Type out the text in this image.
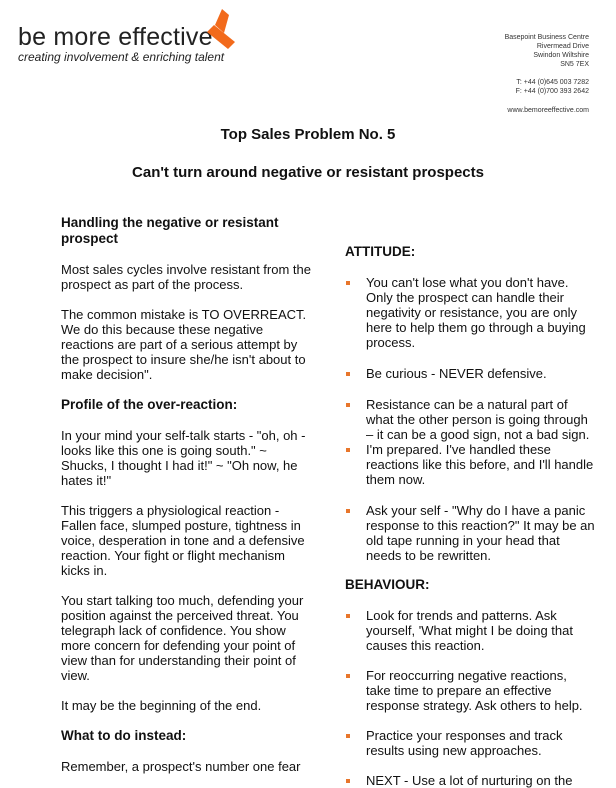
be more effective
creating involvement & enriching talent
Basepoint Business Centre
Rivermead Drive
Swindon Wiltshire
SN5 7EX
T: +44 (0)645 003 7282
F: +44 (0)700 393 2642
www.bemoreeffective.com
Top Sales Problem No. 5
Can't turn around negative or resistant prospects
Handling the negative or resistant prospect

Most sales cycles involve resistant from the prospect as part of the process.

The common mistake is TO OVERREACT. We do this because these negative reactions are part of a serious attempt by the prospect to insure she/he isn't about to make decision".

Profile of the over-reaction:

In your mind your self-talk starts - "oh, oh - looks like this one is going south." ~ Shucks, I thought I had it!" ~ "Oh now, he hates it!"

This triggers a physiological reaction - Fallen face, slumped posture, tightness in voice, desperation in tone and a defensive reaction. Your fight or flight mechanism kicks in.

You start talking too much, defending your position against the perceived threat. You telegraph lack of confidence. You show more concern for defending your point of view than for understanding their point of view.

It may be the beginning of the end.

What to do instead:

Remember, a prospect's number one fear

ATTITUDE:
You can't lose what you don't have. Only the prospect can handle their negativity or resistance, you are only here to help them go through a buying process.
Be curious - NEVER defensive.
Resistance can be a natural part of what the other person is going through – it can be a good sign, not a bad sign.
I'm prepared. I've handled these reactions like this before, and I'll handle them now.
Ask your self - "Why do I have a panic response to this reaction?" It may be an old tape running in your head that needs to be rewritten.
BEHAVIOUR:
Look for trends and patterns. Ask yourself, 'What might I be doing that causes this reaction.
For reoccurring negative reactions, take time to prepare an effective response strategy. Ask others to help.
Practice your responses and track results using new approaches.
NEXT - Use a lot of nurturing on the
